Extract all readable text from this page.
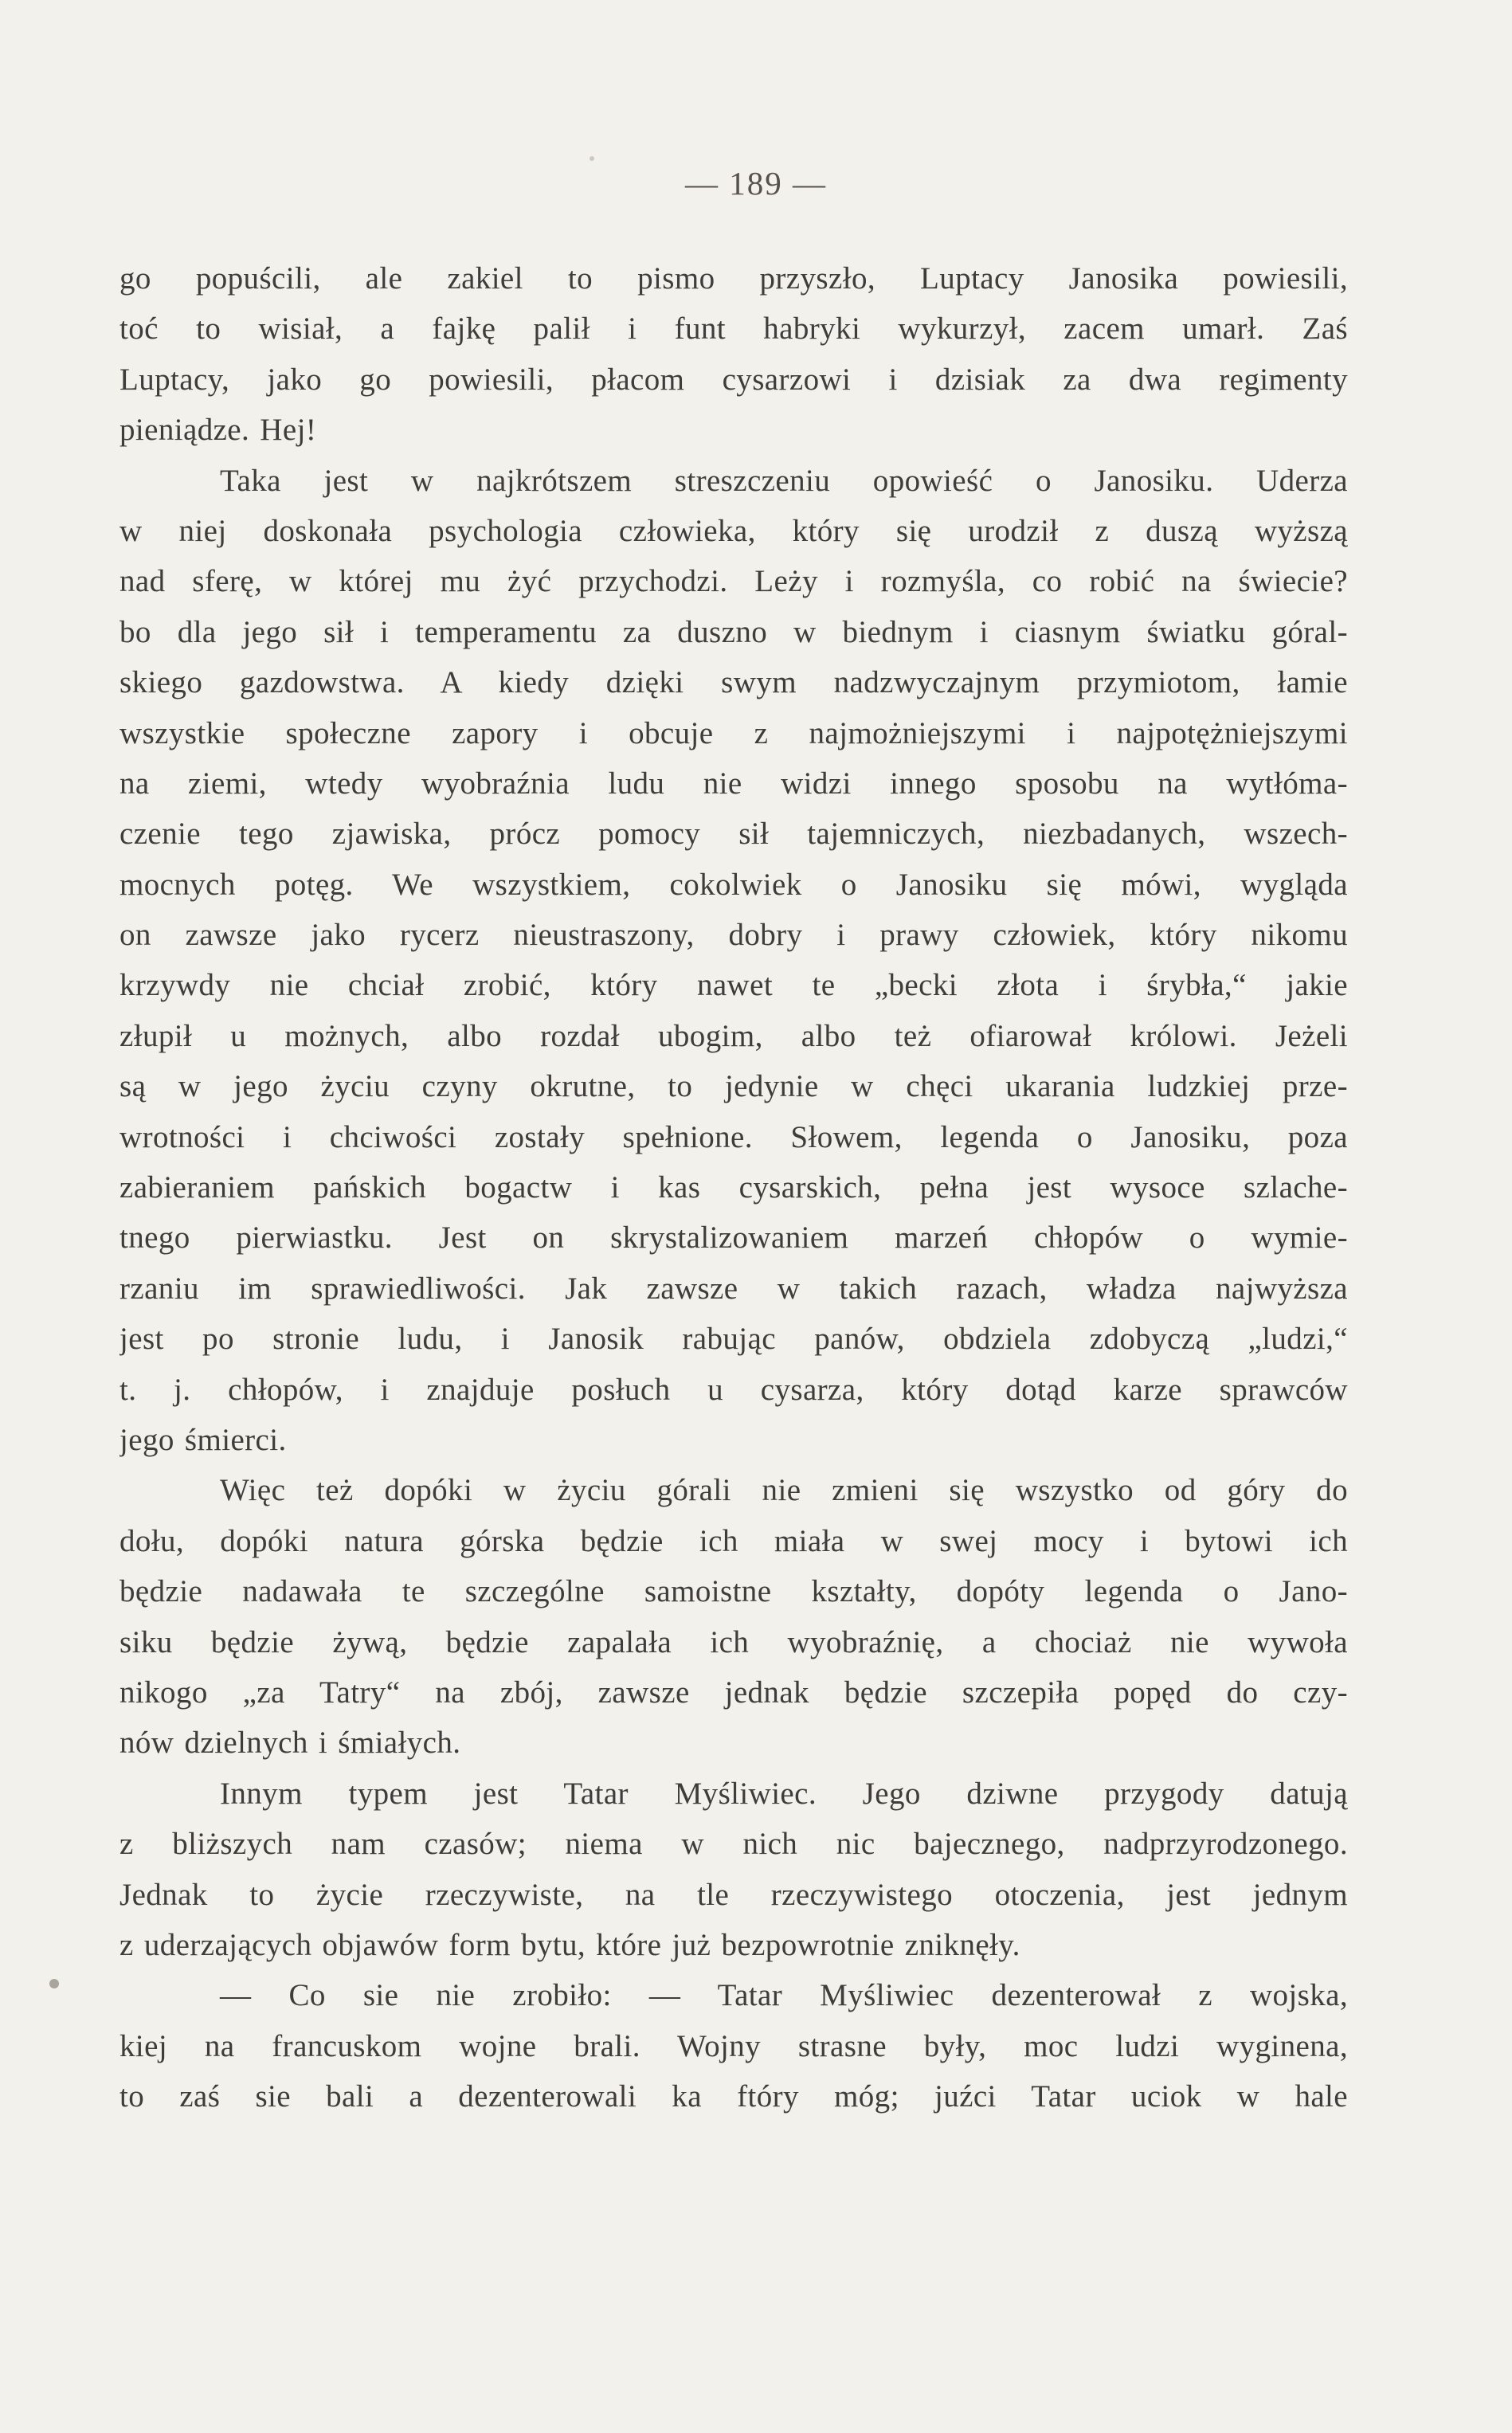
— 189 —
go popuścili, ale zakiel to pismo przyszło, Luptacy Janosika powiesili,
toć to wisiał, a fajkę palił i funt habryki wykurzył, zacem umarł. Zaś
Luptacy, jako go powiesili, płacom cysarzowi i dzisiak za dwa regimenty
pieniądze. Hej!
Taka jest w najkrótszem streszczeniu opowieść o Janosiku. Uderza
w niej doskonała psychologia człowieka, który się urodził z duszą wyższą
nad sferę, w której mu żyć przychodzi. Leży i rozmyśla, co robić na świecie?
bo dla jego sił i temperamentu za duszno w biednym i ciasnym światku góral-
skiego gazdowstwa. A kiedy dzięki swym nadzwyczajnym przymiotom, łamie
wszystkie społeczne zapory i obcuje z najmożniejszymi i najpotężniejszymi
na ziemi, wtedy wyobraźnia ludu nie widzi innego sposobu na wytłóma-
czenie tego zjawiska, prócz pomocy sił tajemniczych, niezbadanych, wszech-
mocnych potęg. We wszystkiem, cokolwiek o Janosiku się mówi, wygląda
on zawsze jako rycerz nieustraszony, dobry i prawy człowiek, który nikomu
krzywdy nie chciał zrobić, który nawet te „becki złota i śrybła,“ jakie
złupił u możnych, albo rozdał ubogim, albo też ofiarował królowi. Jeżeli
są w jego życiu czyny okrutne, to jedynie w chęci ukarania ludzkiej prze-
wrotności i chciwości zostały spełnione. Słowem, legenda o Janosiku, poza
zabieraniem pańskich bogactw i kas cysarskich, pełna jest wysoce szlache-
tnego pierwiastku. Jest on skrystalizowaniem marzeń chłopów o wymie-
rzaniu im sprawiedliwości. Jak zawsze w takich razach, władza najwyższa
jest po stronie ludu, i Janosik rabując panów, obdziela zdobyczą „ludzi,“
t. j. chłopów, i znajduje posłuch u cysarza, który dotąd karze sprawców
jego śmierci.
Więc też dopóki w życiu górali nie zmieni się wszystko od góry do
dołu, dopóki natura górska będzie ich miała w swej mocy i bytowi ich
będzie nadawała te szczególne samoistne kształty, dopóty legenda o Jano-
siku będzie żywą, będzie zapalała ich wyobraźnię, a chociaż nie wywoła
nikogo „za Tatry“ na zbój, zawsze jednak będzie szczepiła popęd do czy-
nów dzielnych i śmiałych.
Innym typem jest Tatar Myśliwiec. Jego dziwne przygody datują
z bliższych nam czasów; niema w nich nic bajecznego, nadprzyrodzonego.
Jednak to życie rzeczywiste, na tle rzeczywistego otoczenia, jest jednym
z uderzających objawów form bytu, które już bezpowrotnie zniknęły.
— Co sie nie zrobiło: — Tatar Myśliwiec dezenterował z wojska,
kiej na francuskom wojne brali. Wojny strasne były, moc ludzi wyginena,
to zaś sie bali a dezenterowali ka ftóry móg; juźci Tatar uciok w hale
